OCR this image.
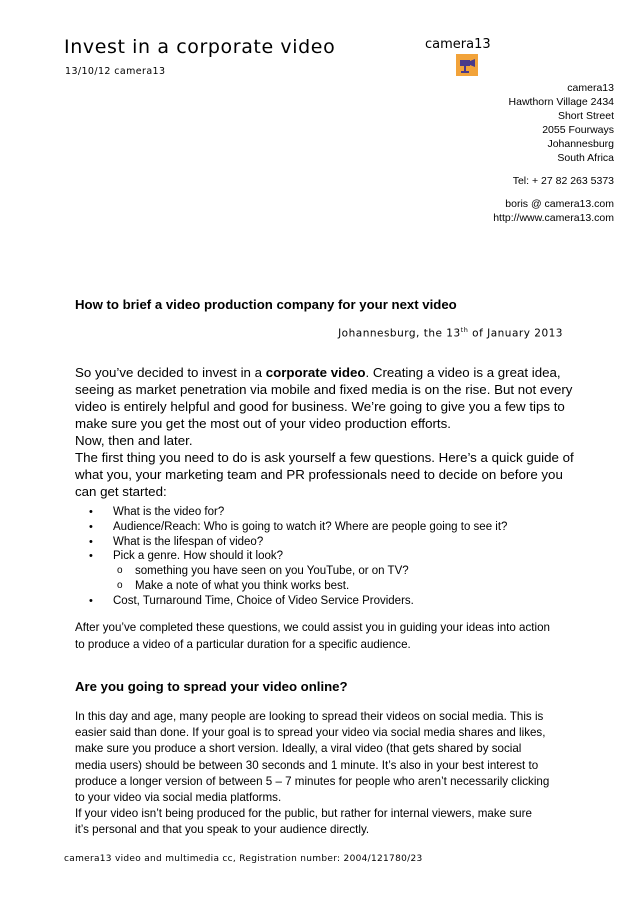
Invest in a corporate video
13/10/12 camera13
camera13
camera13
Hawthorn Village 2434
Short Street
2055 Fourways
Johannesburg
South Africa
Tel: + 27 82 263 5373
boris @ camera13.com
http://www.camera13.com
How to brief a video production company for your next video
Johannesburg, the 13th of January 2013
So you’ve decided to invest in a corporate video. Creating a video is a great idea,
seeing as market penetration via mobile and fixed media is on the rise. But not every
video is entirely helpful and good for business. We’re going to give you a few tips to
make sure you get the most out of your video production efforts.
Now, then and later.
The first thing you need to do is ask yourself a few questions. Here’s a quick guide of
what you, your marketing team and PR professionals need to decide on before you
can get started:
• What is the video for?
• Audience/Reach: Who is going to watch it? Where are people going to see it?
• What is the lifespan of video?
• Pick a genre. How should it look?
o something you have seen on you YouTube, or on TV?
o Make a note of what you think works best.
• Cost, Turnaround Time, Choice of Video Service Providers.
After you’ve completed these questions, we could assist you in guiding your ideas into action
to produce a video of a particular duration for a specific audience.
Are you going to spread your video online?
In this day and age, many people are looking to spread their videos on social media. This is
easier said than done. If your goal is to spread your video via social media shares and likes,
make sure you produce a short version. Ideally, a viral video (that gets shared by social
media users) should be between 30 seconds and 1 minute. It’s also in your best interest to
produce a longer version of between 5 – 7 minutes for people who aren’t necessarily clicking
to your video via social media platforms.
If your video isn’t being produced for the public, but rather for internal viewers, make sure
it’s personal and that you speak to your audience directly.
camera13 video and multimedia cc, Registration number: 2004/121780/23
